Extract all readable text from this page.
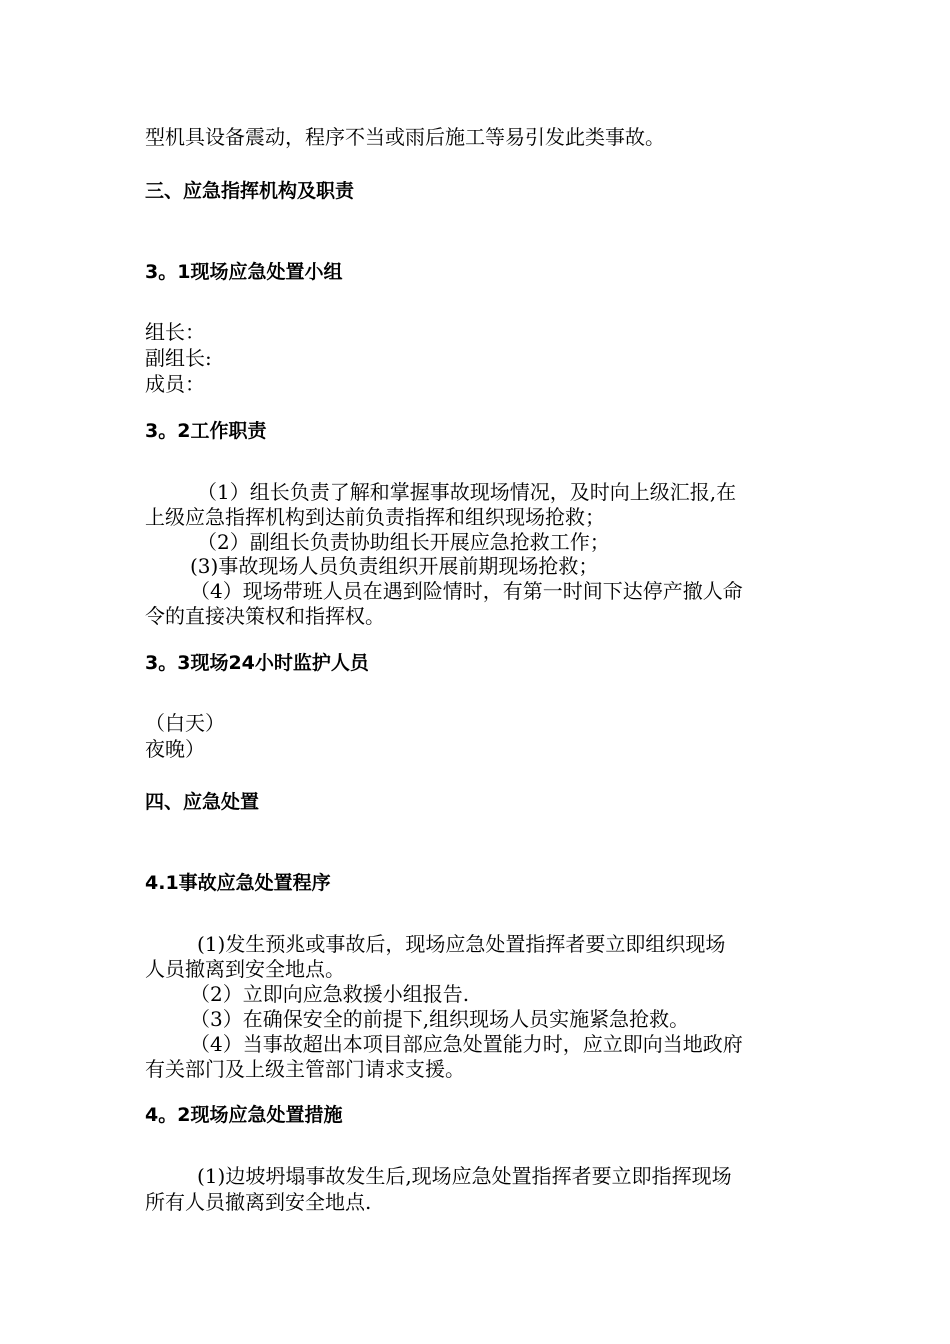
型机具设备震动，程序不当或雨后施工等易引发此类事故。
三、应急指挥机构及职责
3。1现场应急处置小组
组长：
副组长:
成员：
3。2工作职责
（1）组长负责了解和掌握事故现场情况，及时向上级汇报,在
上级应急指挥机构到达前负责指挥和组织现场抢救；
（2）副组长负责协助组长开展应急抢救工作；
(3)事故现场人员负责组织开展前期现场抢救；
（4）现场带班人员在遇到险情时，有第一时间下达停产撤人命
令的直接决策权和指挥权。
3。3现场24小时监护人员
（白天）
夜晚）
四、应急处置
4.1事故应急处置程序
(1)发生预兆或事故后，现场应急处置指挥者要立即组织现场
人员撤离到安全地点。
（2）立即向应急救援小组报告.
（3）在确保安全的前提下,组织现场人员实施紧急抢救。
（4）当事故超出本项目部应急处置能力时，应立即向当地政府
有关部门及上级主管部门请求支援。
4。2现场应急处置措施
(1)边坡坍塌事故发生后,现场应急处置指挥者要立即指挥现场
所有人员撤离到安全地点.
